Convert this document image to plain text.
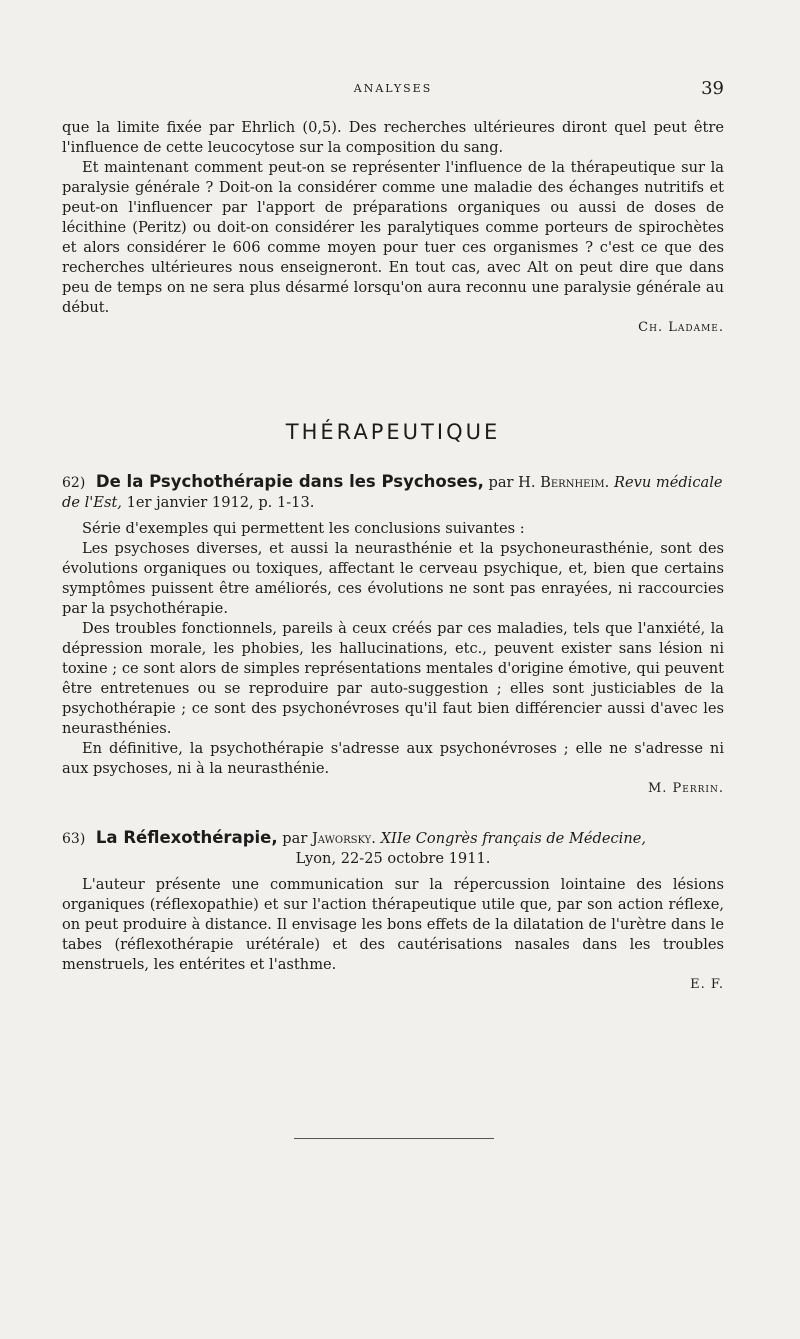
ANALYSES	39

que la limite fixée par Ehrlich (0,5). Des recherches ultérieures diront quel peut être l'influence de cette leucocytose sur la composition du sang.

Et maintenant comment peut-on se représenter l'influence de la thérapeutique sur la paralysie générale ? Doit-on la considérer comme une maladie des échanges nutritifs et peut-on l'influencer par l'apport de préparations organiques ou aussi de doses de lécithine (Peritz) ou doit-on considérer les paralytiques comme porteurs de spirochètes et alors considérer le 606 comme moyen pour tuer ces organismes ? c'est ce que des recherches ultérieures nous enseigneront. En tout cas, avec Alt on peut dire que dans peu de temps on ne sera plus désarmé lorsqu'on aura reconnu une paralysie générale au début.

Ch. Ladame.

THÉRAPEUTIQUE

62) De la Psychothérapie dans les Psychoses, par H. Bernheim. Revu médicale de l'Est, 1er janvier 1912, p. 1-13.

Série d'exemples qui permettent les conclusions suivantes :

Les psychoses diverses, et aussi la neurasthénie et la psychoneurasthénie, sont des évolutions organiques ou toxiques, affectant le cerveau psychique, et, bien que certains symptômes puissent être améliorés, ces évolutions ne sont pas enrayées, ni raccourcies par la psychothérapie.

Des troubles fonctionnels, pareils à ceux créés par ces maladies, tels que l'anxiété, la dépression morale, les phobies, les hallucinations, etc., peuvent exister sans lésion ni toxine ; ce sont alors de simples représentations mentales d'origine émotive, qui peuvent être entretenues ou se reproduire par auto-suggestion ; elles sont justiciables de la psychothérapie ; ce sont des psychonévroses qu'il faut bien différencier aussi d'avec les neurasthénies.

En définitive, la psychothérapie s'adresse aux psychonévroses ; elle ne s'adresse ni aux psychoses, ni à la neurasthénie.

M. Perrin.

63) La Réflexothérapie, par Jaworsky. XIIe Congrès français de Médecine,
Lyon, 22-25 octobre 1911.

L'auteur présente une communication sur la répercussion lointaine des lésions organiques (réflexopathie) et sur l'action thérapeutique utile que, par son action réflexe, on peut produire à distance. Il envisage les bons effets de la dilatation de l'urètre dans le tabes (réflexothérapie urétérale) et des cautérisations nasales dans les troubles menstruels, les entérites et l'asthme.

E. F.
